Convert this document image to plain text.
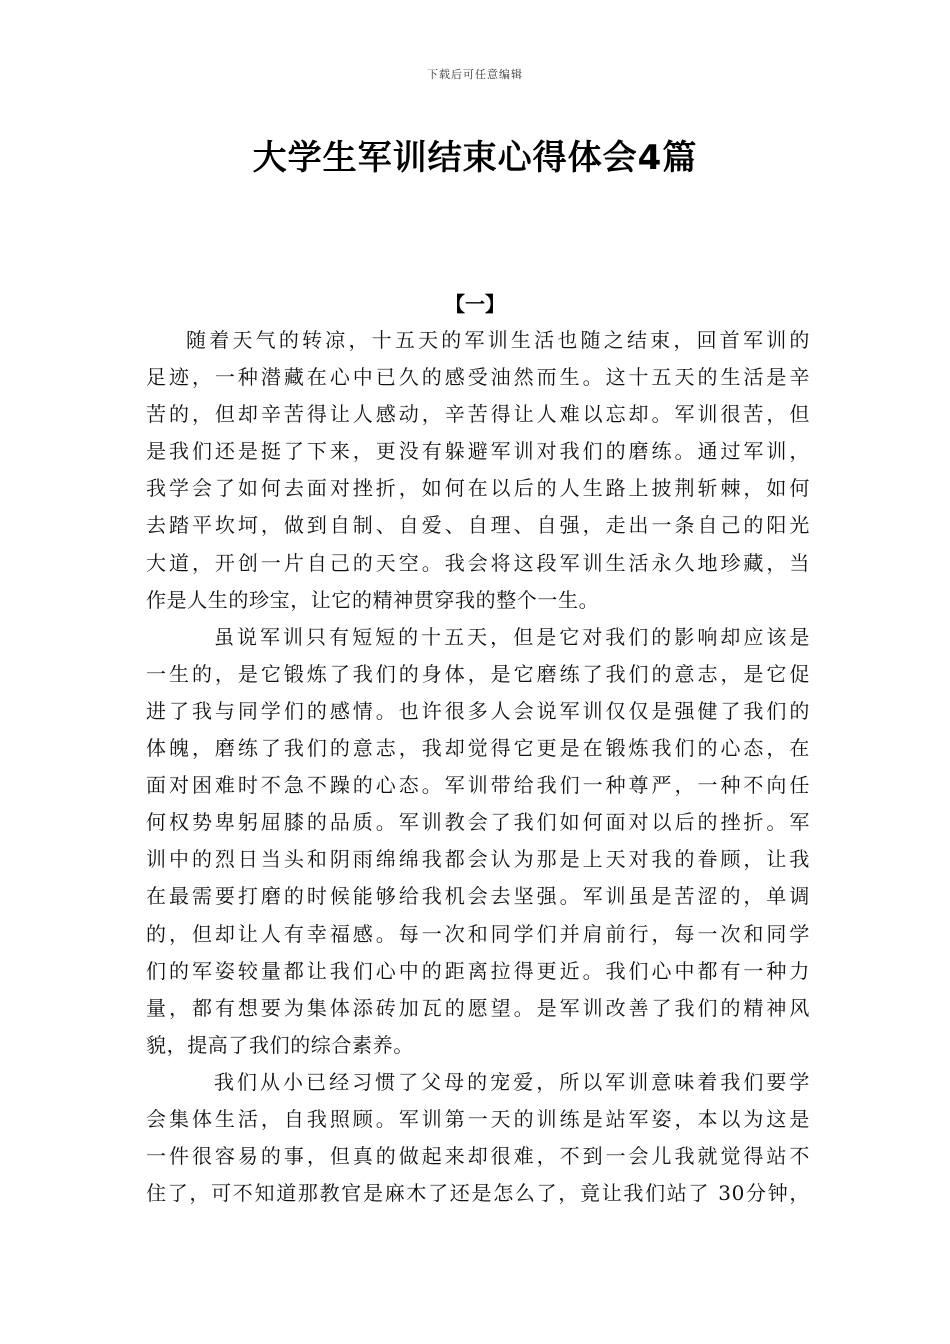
下载后可任意编辑
大学生军训结束心得体会4篇
【一】
随着天气的转凉，十五天的军训生活也随之结束，回首军训的
足迹，一种潜藏在心中已久的感受油然而生。这十五天的生活是辛
苦的，但却辛苦得让人感动，辛苦得让人难以忘却。军训很苦，但
是我们还是挺了下来，更没有躲避军训对我们的磨练。通过军训，
我学会了如何去面对挫折，如何在以后的人生路上披荆斩棘，如何
去踏平坎坷，做到自制、自爱、自理、自强，走出一条自己的阳光
大道，开创一片自己的天空。我会将这段军训生活永久地珍藏，当
作是人生的珍宝，让它的精神贯穿我的整个一生。
虽说军训只有短短的十五天，但是它对我们的影响却应该是
一生的，是它锻炼了我们的身体，是它磨练了我们的意志，是它促
进了我与同学们的感情。也许很多人会说军训仅仅是强健了我们的
体魄，磨练了我们的意志，我却觉得它更是在锻炼我们的心态，在
面对困难时不急不躁的心态。军训带给我们一种尊严，一种不向任
何权势卑躬屈膝的品质。军训教会了我们如何面对以后的挫折。军
训中的烈日当头和阴雨绵绵我都会认为那是上天对我的眷顾，让我
在最需要打磨的时候能够给我机会去坚强。军训虽是苦涩的，单调
的，但却让人有幸福感。每一次和同学们并肩前行，每一次和同学
们的军姿较量都让我们心中的距离拉得更近。我们心中都有一种力
量，都有想要为集体添砖加瓦的愿望。是军训改善了我们的精神风
貌，提高了我们的综合素养。
我们从小已经习惯了父母的宠爱，所以军训意味着我们要学
会集体生活，自我照顾。军训第一天的训练是站军姿，本以为这是
一件很容易的事，但真的做起来却很难，不到一会儿我就觉得站不
住了，可不知道那教官是麻木了还是怎么了，竟让我们站了 30分钟，
